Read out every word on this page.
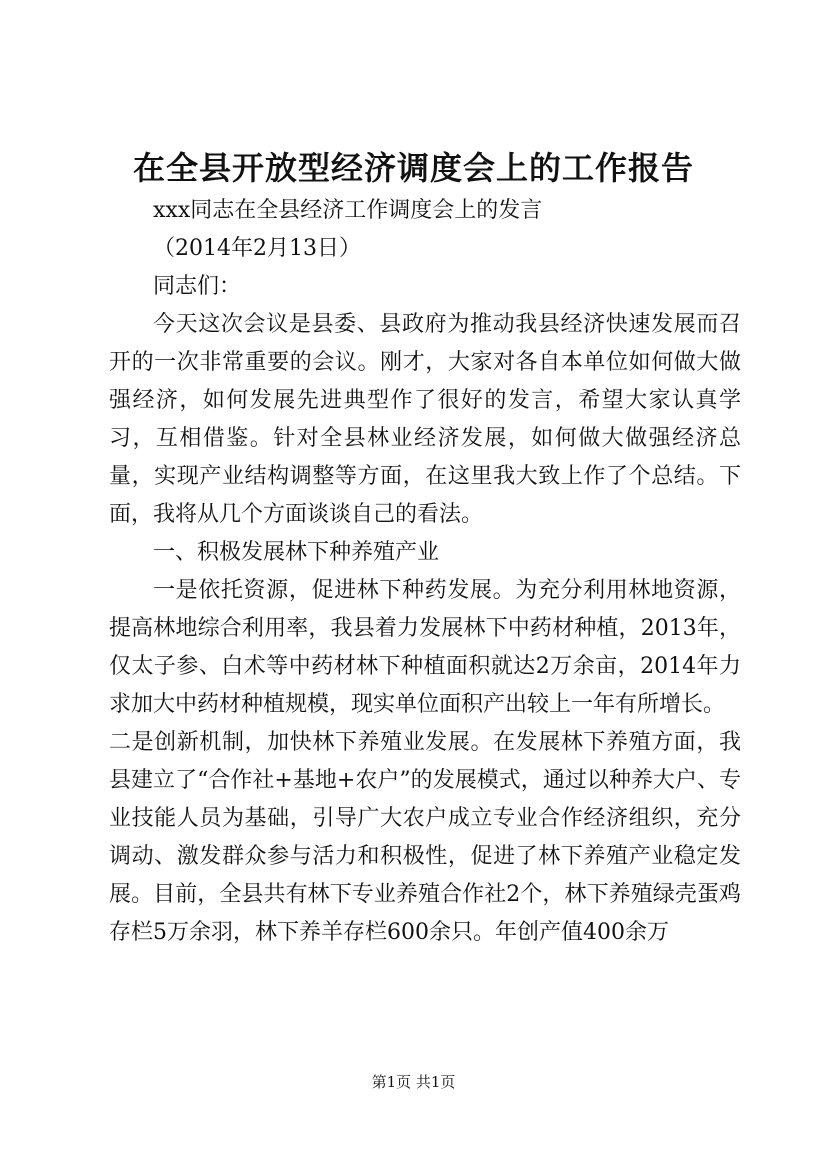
在全县开放型经济调度会上的工作报告

xxx同志在全县经济工作调度会上的发言

（2014年2月13日）

同志们：

今天这次会议是县委、县政府为推动我县经济快速发展而召开的一次非常重要的会议。刚才，大家对各自本单位如何做大做强经济，如何发展先进典型作了很好的发言，希望大家认真学习，互相借鉴。针对全县林业经济发展，如何做大做强经济总量，实现产业结构调整等方面，在这里我大致上作了个总结。下面，我将从几个方面谈谈自己的看法。

一、积极发展林下种养殖产业

一是依托资源，促进林下种药发展。为充分利用林地资源，提高林地综合利用率，我县着力发展林下中药材种植，2013年，仅太子参、白术等中药材林下种植面积就达2万余亩，2014年力求加大中药材种植规模，现实单位面积产出较上一年有所增长。

二是创新机制，加快林下养殖业发展。在发展林下养殖方面，我县建立了“合作社+基地+农户”的发展模式，通过以种养大户、专业技能人员为基础，引导广大农户成立专业合作经济组织，充分调动、激发群众参与活力和积极性，促进了林下养殖产业稳定发展。目前，全县共有林下专业养殖合作社2个，林下养殖绿壳蛋鸡存栏5万余羽，林下养羊存栏600余只。年创产值400余万

第1页 共1页
